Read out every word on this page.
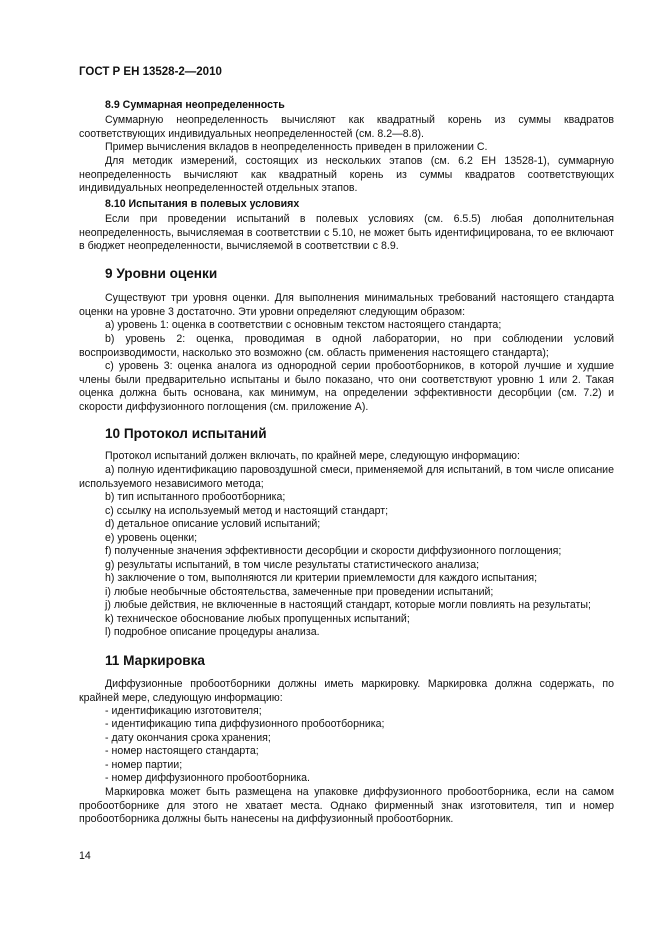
ГОСТ Р ЕН 13528-2—2010
8.9 Суммарная неопределенность
Суммарную неопределенность вычисляют как квадратный корень из суммы квадратов соответствующих индивидуальных неопределенностей (см. 8.2—8.8).
Пример вычисления вкладов в неопределенность приведен в приложении С.
Для методик измерений, состоящих из нескольких этапов (см. 6.2 ЕН 13528-1), суммарную неопределенность вычисляют как квадратный корень из суммы квадратов соответствующих индивидуальных неопределенностей отдельных этапов.
8.10 Испытания в полевых условиях
Если при проведении испытаний в полевых условиях (см. 6.5.5) любая дополнительная неопределенность, вычисляемая в соответствии с 5.10, не может быть идентифицирована, то ее включают в бюджет неопределенности, вычисляемой в соответствии с 8.9.
9 Уровни оценки
Существуют три уровня оценки. Для выполнения минимальных требований настоящего стандарта оценки на уровне 3 достаточно. Эти уровни определяют следующим образом:
а) уровень 1: оценка в соответствии с основным текстом настоящего стандарта;
b) уровень 2: оценка, проводимая в одной лаборатории, но при соблюдении условий воспроизводимости, насколько это возможно (см. область применения настоящего стандарта);
c) уровень 3: оценка аналога из однородной серии пробоотборников, в которой лучшие и худшие члены были предварительно испытаны и было показано, что они соответствуют уровню 1 или 2. Такая оценка должна быть основана, как минимум, на определении эффективности десорбции (см. 7.2) и скорости диффузионного поглощения (см. приложение А).
10 Протокол испытаний
Протокол испытаний должен включать, по крайней мере, следующую информацию:
а) полную идентификацию паровоздушной смеси, применяемой для испытаний, в том числе описание используемого независимого метода;
b) тип испытанного пробоотборника;
c) ссылку на используемый метод и настоящий стандарт;
d) детальное описание условий испытаний;
e) уровень оценки;
f) полученные значения эффективности десорбции и скорости диффузионного поглощения;
g) результаты испытаний, в том числе результаты статистического анализа;
h) заключение о том, выполняются ли критерии приемлемости для каждого испытания;
i) любые необычные обстоятельства, замеченные при проведении испытаний;
j) любые действия, не включенные в настоящий стандарт, которые могли повлиять на результаты;
k) техническое обоснование любых пропущенных испытаний;
l) подробное описание процедуры анализа.
11 Маркировка
Диффузионные пробоотборники должны иметь маркировку. Маркировка должна содержать, по крайней мере, следующую информацию:
- идентификацию изготовителя;
- идентификацию типа диффузионного пробоотборника;
- дату окончания срока хранения;
- номер настоящего стандарта;
- номер партии;
- номер диффузионного пробоотборника.
Маркировка может быть размещена на упаковке диффузионного пробоотборника, если на самом пробоотборнике для этого не хватает места. Однако фирменный знак изготовителя, тип и номер пробоотборника должны быть нанесены на диффузионный пробоотборник.
14
